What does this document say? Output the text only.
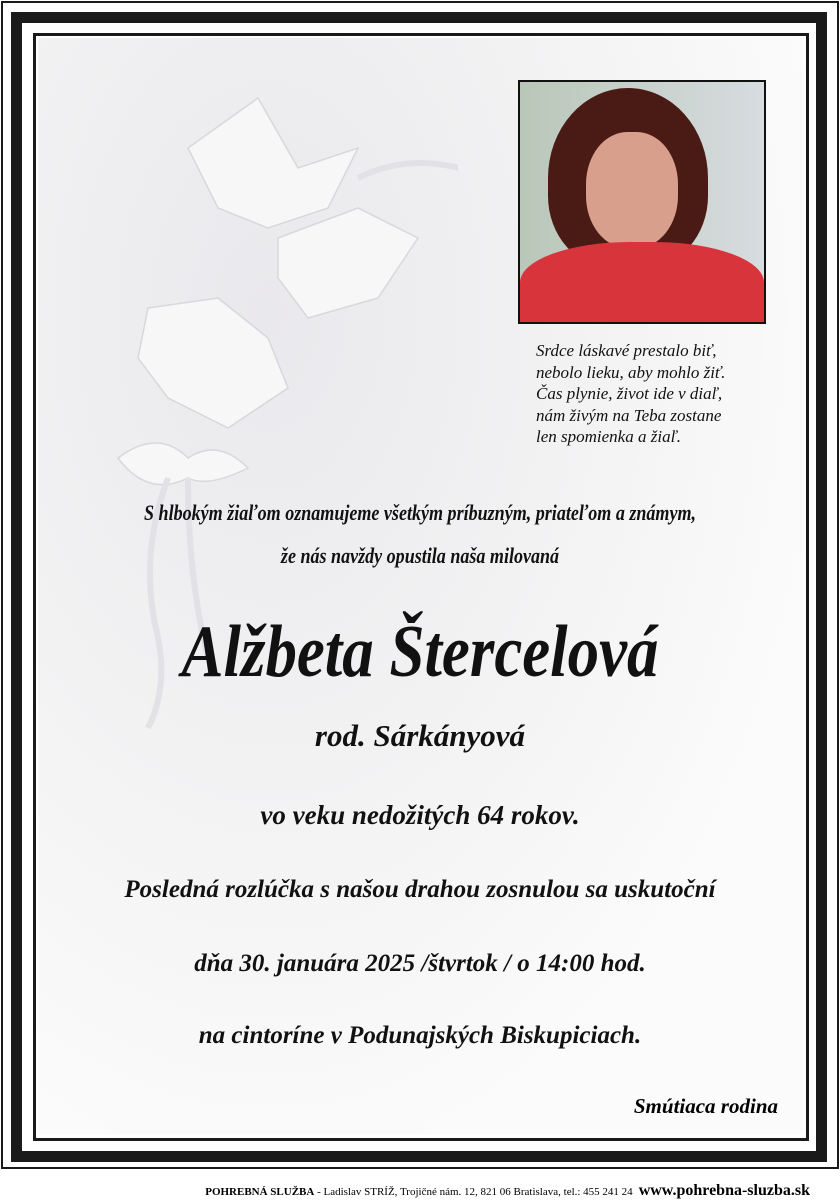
Srdce láskavé prestalo biť,
nebolo lieku, aby mohlo žiť.
Čas plynie, život ide v diaľ,
nám živým na Teba zostane
len spomienka a žiaľ.
S hlbokým žiaľom oznamujeme všetkým príbuzným, priateľom a známym,
že nás navždy opustila naša milovaná
Alžbeta Štercelová
rod. Sárkányová
vo veku nedožitých 64 rokov.
Posledná rozlúčka s našou drahou zosnulou sa uskutoční
dňa 30. januára 2025 /štvrtok / o 14:00 hod.
na cintoríne v Podunajských Biskupiciach.
Smútiaca rodina
POHREBNÁ SLUŽBA - Ladislav STRÍŽ, Trojičné nám. 12, 821 06 Bratislava, tel.: 455 241 24 www.pohrebna-sluzba.sk
